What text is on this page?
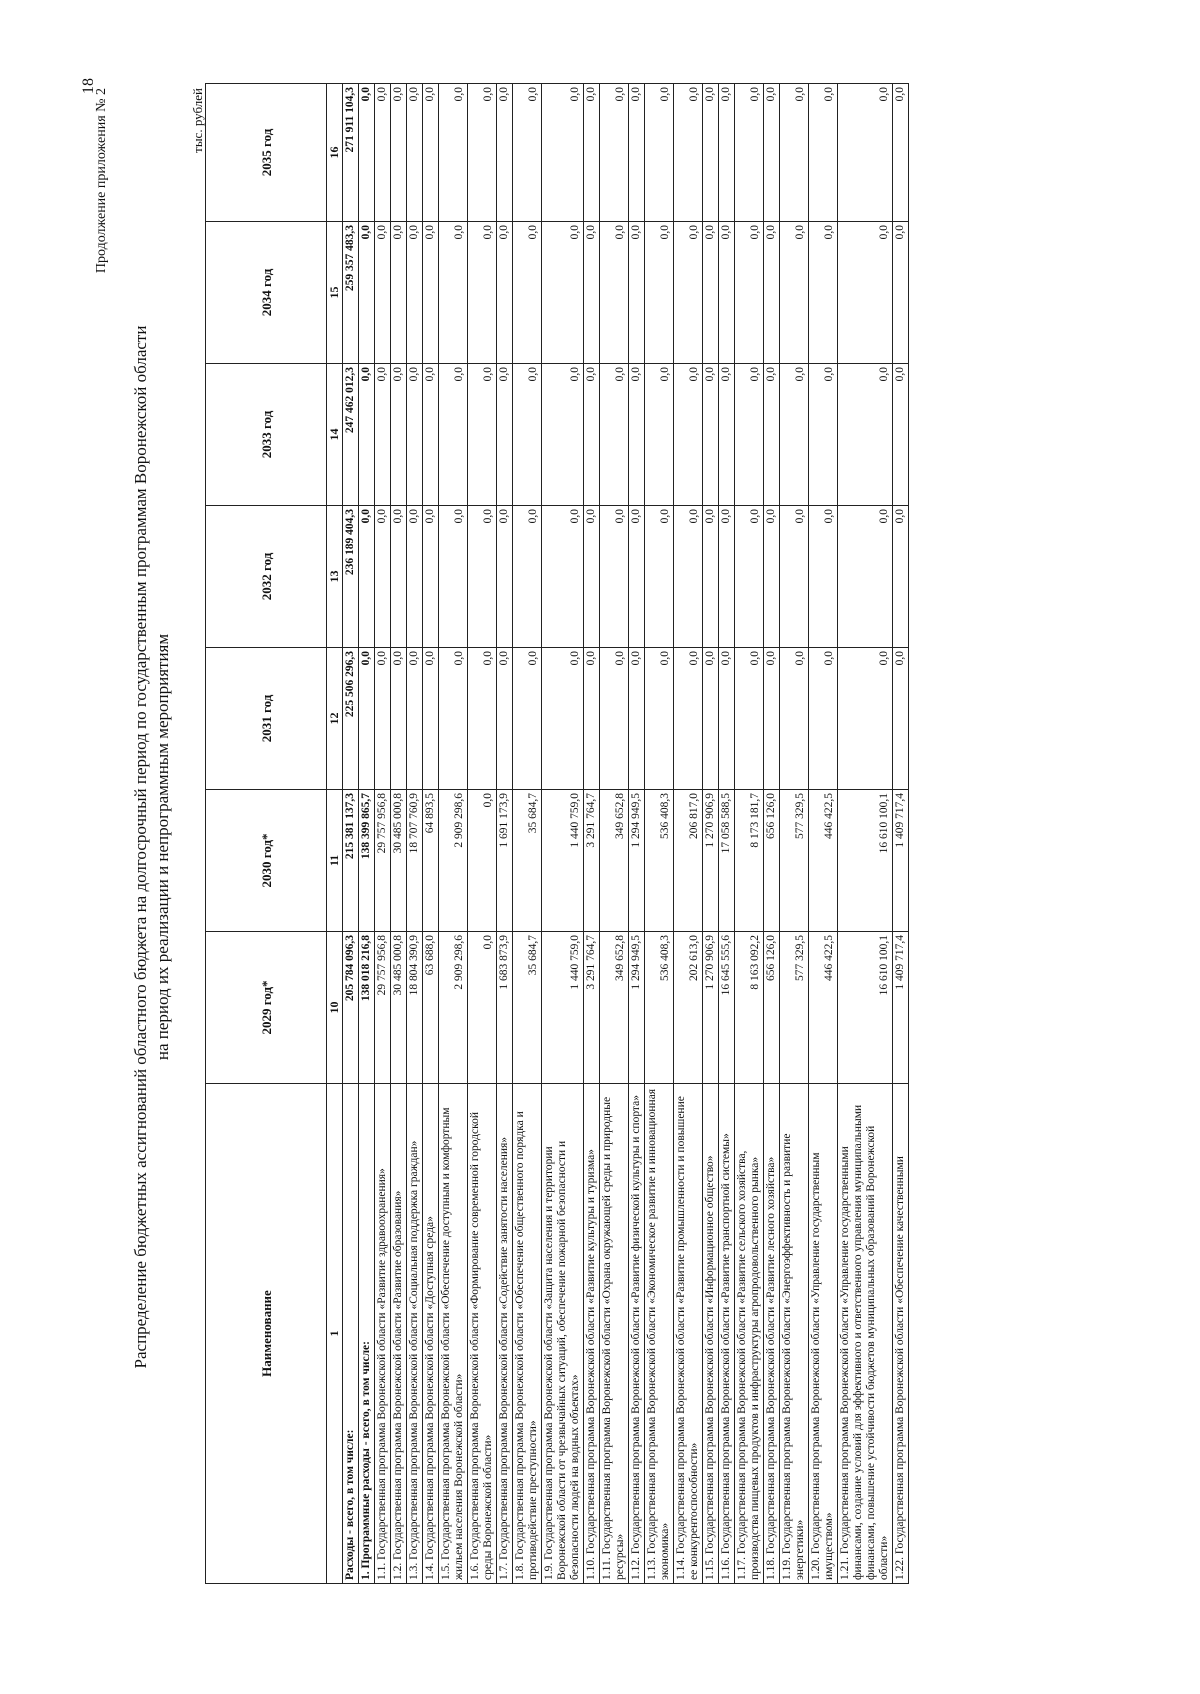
18
Продолжение приложения № 2
Распределение бюджетных ассигнований областного бюджета на долгосрочный период по государственным программам Воронежской области на период их реализации и непрограммным мероприятиям
тыс. рублей
Наименование	2029 год*	2030 год*	2031 год	2032 год	2033 год	2034 год	2035 год
1	10	11	12	13	14	15	16
Расходы - всего, в том числе:	205 784 096,3	215 381 137,3	225 506 296,3	236 189 404,3	247 462 012,3	259 357 483,3	271 911 104,3
1. Программные расходы - всего, в том числе:	138 018 216,8	138 399 865,7	0,0	0,0	0,0	0,0	0,0
1.1. Государственная программа Воронежской области «Развитие здравоохранения»	29 757 956,8	29 757 956,8	0,0	0,0	0,0	0,0	0,0
1.2. Государственная программа Воронежской области «Развитие образования»	30 485 000,8	30 485 000,8	0,0	0,0	0,0	0,0	0,0
1.3. Государственная программа Воронежской области «Социальная поддержка граждан»	18 804 390,9	18 707 760,9	0,0	0,0	0,0	0,0	0,0
1.4. Государственная программа Воронежской области «Доступная среда»	63 688,0	64 893,5	0,0	0,0	0,0	0,0	0,0
1.5. Государственная программа Воронежской области «Обеспечение доступным и комфортным жильем населения Воронежской области»	2 909 298,6	2 909 298,6	0,0	0,0	0,0	0,0	0,0
1.6. Государственная программа Воронежской области «Формирование современной городской среды Воронежской области»	0,0	0,0	0,0	0,0	0,0	0,0	0,0
1.7. Государственная программа Воронежской области «Содействие занятости населения»	1 683 873,9	1 691 173,9	0,0	0,0	0,0	0,0	0,0
1.8. Государственная программа Воронежской области «Обеспечение общественного порядка и противодействие преступности»	35 684,7	35 684,7	0,0	0,0	0,0	0,0	0,0
1.9. Государственная программа Воронежской области «Защита населения и территории Воронежской области от чрезвычайных ситуаций, обеспечение пожарной безопасности и безопасности людей на водных объектах»	1 440 759,0	1 440 759,0	0,0	0,0	0,0	0,0	0,0
1.10. Государственная программа Воронежской области «Развитие культуры и туризма»	3 291 764,7	3 291 764,7	0,0	0,0	0,0	0,0	0,0
1.11. Государственная программа Воронежской области «Охрана окружающей среды и природные ресурсы»	349 652,8	349 652,8	0,0	0,0	0,0	0,0	0,0
1.12. Государственная программа Воронежской области «Развитие физической культуры и спорта»	1 294 949,5	1 294 949,5	0,0	0,0	0,0	0,0	0,0
1.13. Государственная программа Воронежской области «Экономическое развитие и инновационная экономика»	536 408,3	536 408,3	0,0	0,0	0,0	0,0	0,0
1.14. Государственная программа Воронежской области «Развитие промышленности и повышение ее конкурентоспособности»	202 613,0	206 817,0	0,0	0,0	0,0	0,0	0,0
1.15. Государственная программа Воронежской области «Информационное общество»	1 270 906,9	1 270 906,9	0,0	0,0	0,0	0,0	0,0
1.16. Государственная программа Воронежской области «Развитие транспортной системы»	16 645 555,6	17 058 588,5	0,0	0,0	0,0	0,0	0,0
1.17. Государственная программа Воронежской области «Развитие сельского хозяйства, производства пищевых продуктов и инфраструктуры агропродовольственного рынка»	8 163 092,2	8 173 181,7	0,0	0,0	0,0	0,0	0,0
1.18. Государственная программа Воронежской области «Развитие лесного хозяйства»	656 126,0	656 126,0	0,0	0,0	0,0	0,0	0,0
1.19. Государственная программа Воронежской области «Энергоэффективность и развитие энергетики»	577 329,5	577 329,5	0,0	0,0	0,0	0,0	0,0
1.20. Государственная программа Воронежской области «Управление государственным имуществом»	446 422,5	446 422,5	0,0	0,0	0,0	0,0	0,0
1.21. Государственная программа Воронежской области «Управление государственными финансами, создание условий для эффективного и ответственного управления муниципальными финансами, повышение устойчивости бюджетов муниципальных образований Воронежской области»	16 610 100,1	16 610 100,1	0,0	0,0	0,0	0,0	0,0
1.22. Государственная программа Воронежской области «Обеспечение качественными	1 409 717,4	1 409 717,4	0,0	0,0	0,0	0,0	0,0
